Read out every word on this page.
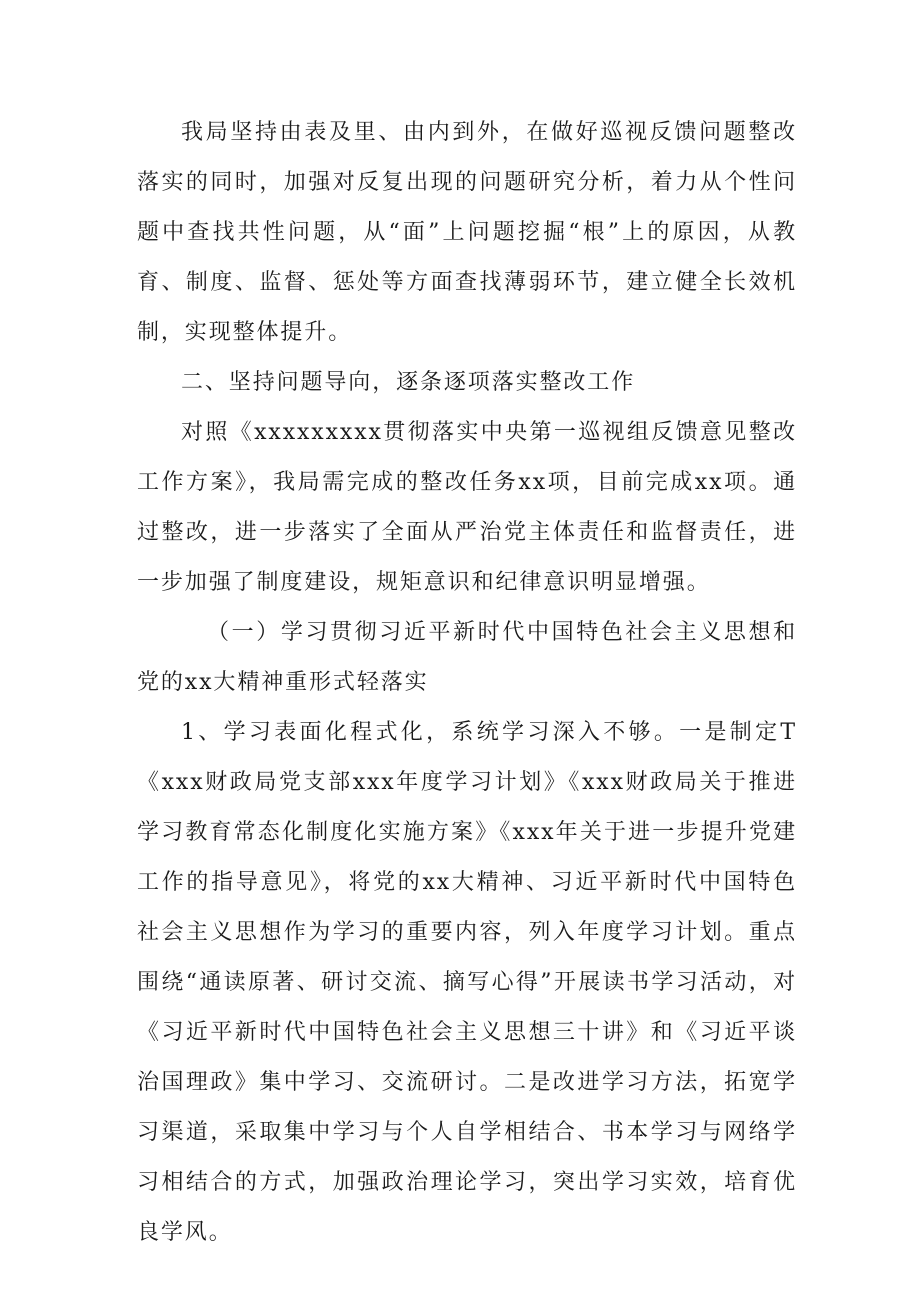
我局坚持由表及里、由内到外，在做好巡视反馈问题整改落实的同时，加强对反复出现的问题研究分析，着力从个性问题中查找共性问题，从“面”上问题挖掘“根”上的原因，从教育、制度、监督、惩处等方面查找薄弱环节，建立健全长效机制，实现整体提升。

二、坚持问题导向，逐条逐项落实整改工作

对照《xxxxxxxxx贯彻落实中央第一巡视组反馈意见整改工作方案》，我局需完成的整改任务xx项，目前完成xx项。通过整改，进一步落实了全面从严治党主体责任和监督责任，进一步加强了制度建设，规矩意识和纪律意识明显增强。

（一）学习贯彻习近平新时代中国特色社会主义思想和党的xx大精神重形式轻落实

1、学习表面化程式化，系统学习深入不够。一是制定T《xxx财政局党支部xxx年度学习计划》《xxx财政局关于推进学习教育常态化制度化实施方案》《xxx年关于进一步提升党建工作的指导意见》，将党的xx大精神、习近平新时代中国特色社会主义思想作为学习的重要内容，列入年度学习计划。重点围绕“通读原著、研讨交流、摘写心得”开展读书学习活动，对《习近平新时代中国特色社会主义思想三十讲》和《习近平谈治国理政》集中学习、交流研讨。二是改进学习方法，拓宽学习渠道，采取集中学习与个人自学相结合、书本学习与网络学习相结合的方式，加强政治理论学习，突出学习实效，培育优良学风。
